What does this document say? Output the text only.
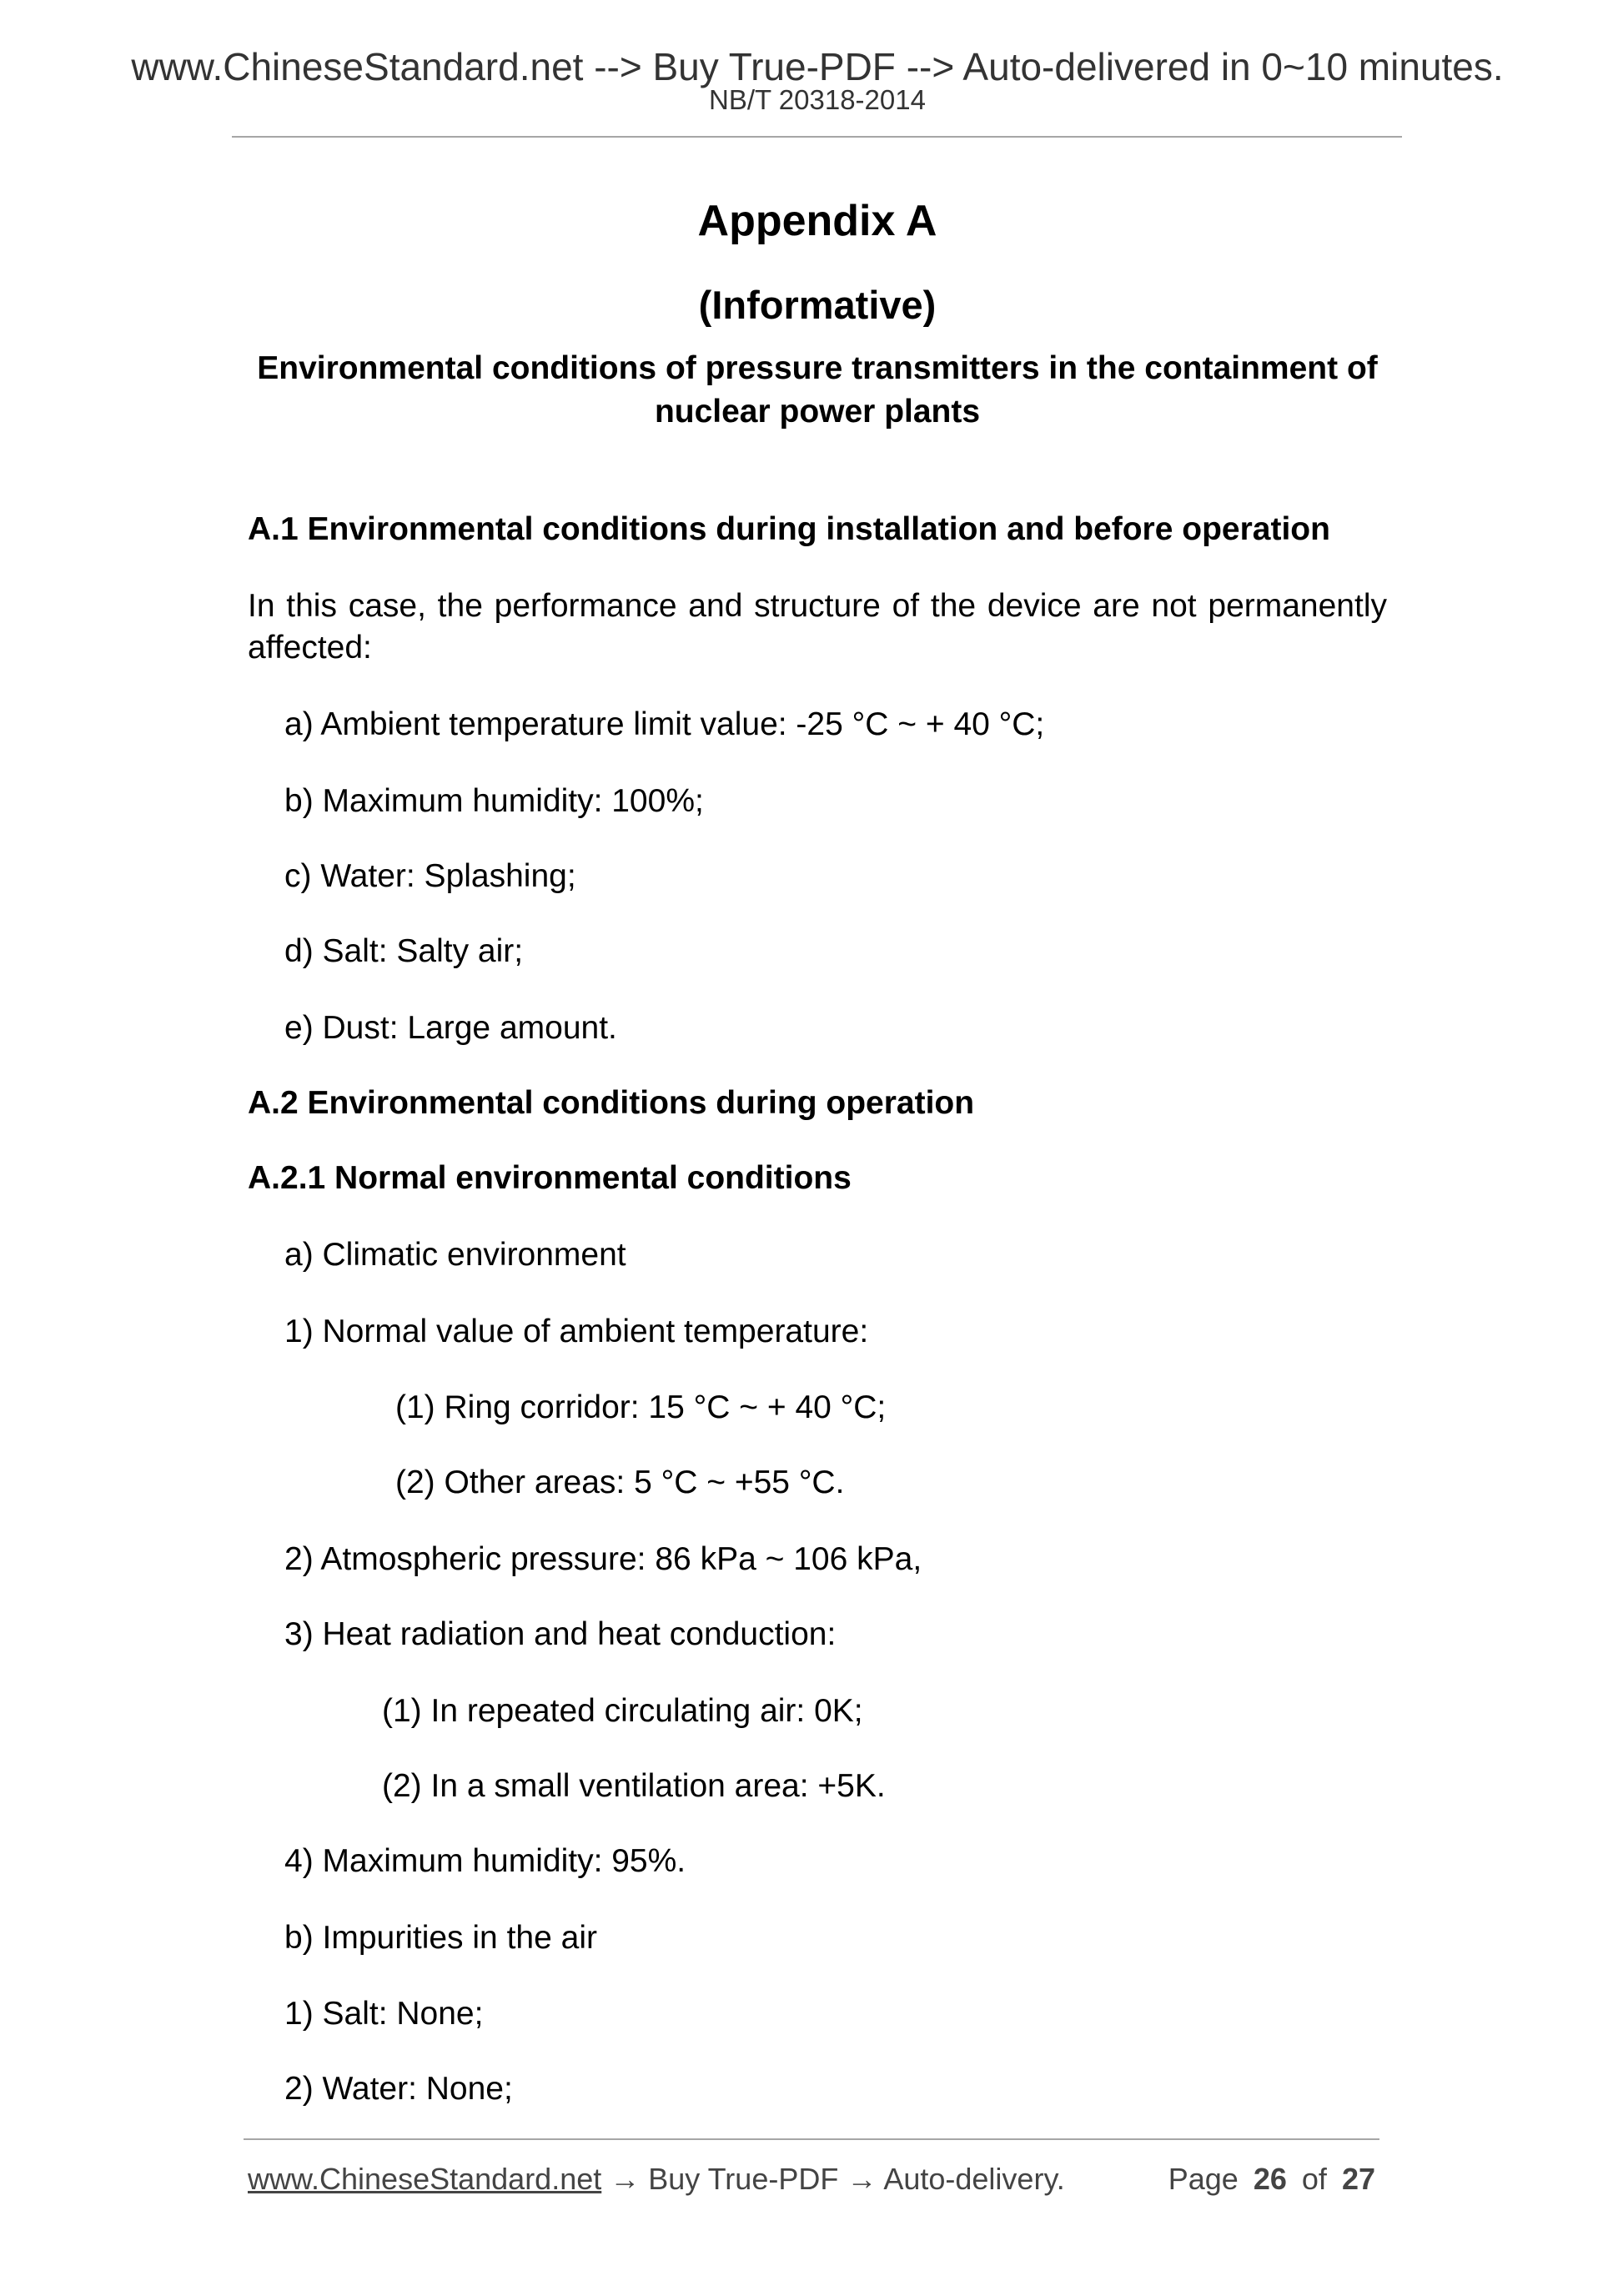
www.ChineseStandard.net --> Buy True-PDF --> Auto-delivered in 0~10 minutes.
NB/T 20318-2014
Appendix A
(Informative)
Environmental conditions of pressure transmitters in the containment of
nuclear power plants
A.1 Environmental conditions during installation and before operation
In this case, the performance and structure of the device are not permanently affected:
a) Ambient temperature limit value: -25 °C ~ + 40 °C;
b) Maximum humidity: 100%;
c) Water: Splashing;
d) Salt: Salty air;
e) Dust: Large amount.
A.2 Environmental conditions during operation
A.2.1 Normal environmental conditions
a) Climatic environment
1) Normal value of ambient temperature:
(1) Ring corridor: 15 °C ~ + 40 °C;
(2) Other areas: 5 °C ~ +55 °C.
2) Atmospheric pressure: 86 kPa ~ 106 kPa,
3) Heat radiation and heat conduction:
(1) In repeated circulating air: 0K;
(2) In a small ventilation area: +5K.
4) Maximum humidity: 95%.
b) Impurities in the air
1) Salt: None;
2) Water: None;
www.ChineseStandard.net → Buy True-PDF → Auto-delivery.	Page 26 of 27
